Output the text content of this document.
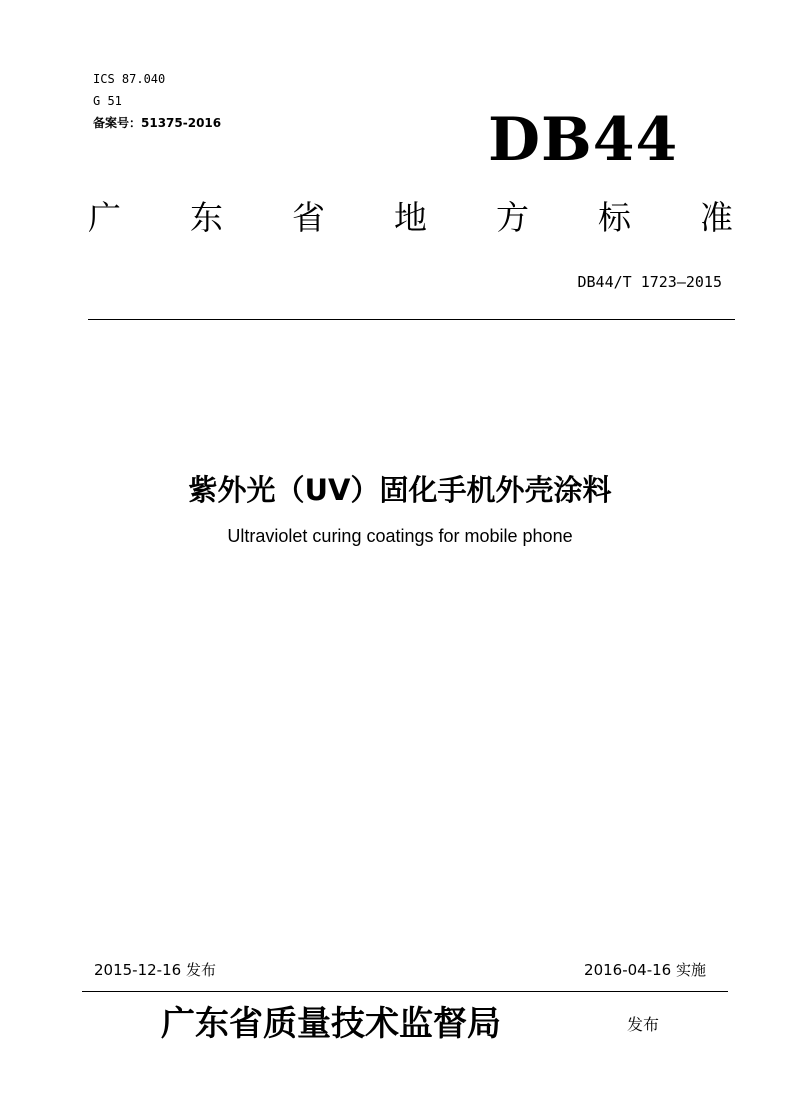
ICS 87.040
G 51
备案号：51375-2016	DB44
广 东 省 地 方 标 准
DB44/T 1723—2015
紫外光（UV）固化手机外壳涂料
Ultraviolet curing coatings for mobile phone
2015-12-16 发布	2016-04-16 实施
广东省质量技术监督局	发布
